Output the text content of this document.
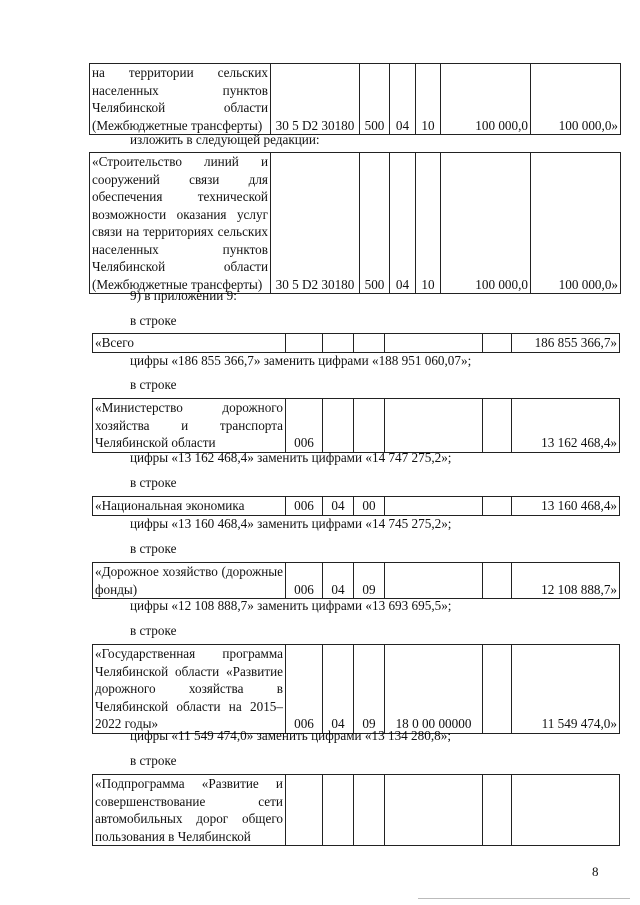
на территории сельских населенных пунктов Челябинской области (Межбюджетные трансферты)	30 5 D2 30180	500	04	10	100 000,0	100 000,0»
изложить в следующей редакции:
«Строительство линий и сооружений связи для обеспечения технической возможности оказания услуг связи на территориях сельских населенных пунктов Челябинской области (Межбюджетные трансферты)	30 5 D2 30180	500	04	10	100 000,0	100 000,0»
9) в приложении 9:
в строке
«Всего						186 855 366,7»
цифры «186 855 366,7» заменить цифрами «188 951 060,07»;
в строке
«Министерство дорожного хозяйства и транспорта Челябинской области	006					13 162 468,4»
цифры «13 162 468,4» заменить цифрами «14 747 275,2»;
в строке
«Национальная экономика	006	04	00			13 160 468,4»
цифры «13 160 468,4» заменить цифрами «14 745 275,2»;
в строке
«Дорожное хозяйство (дорожные фонды)	006	04	09			12 108 888,7»
цифры «12 108 888,7» заменить цифрами «13 693 695,5»;
в строке
«Государственная программа Челябинской области «Развитие дорожного хозяйства в Челябинской области на 2015–2022 годы»	006	04	09	18 0 00 00000		11 549 474,0»
цифры «11 549 474,0» заменить цифрами «13 134 280,8»;
в строке
«Подпрограмма «Развитие и совершенствование сети автомобильных дорог общего пользования в Челябинской						
8
